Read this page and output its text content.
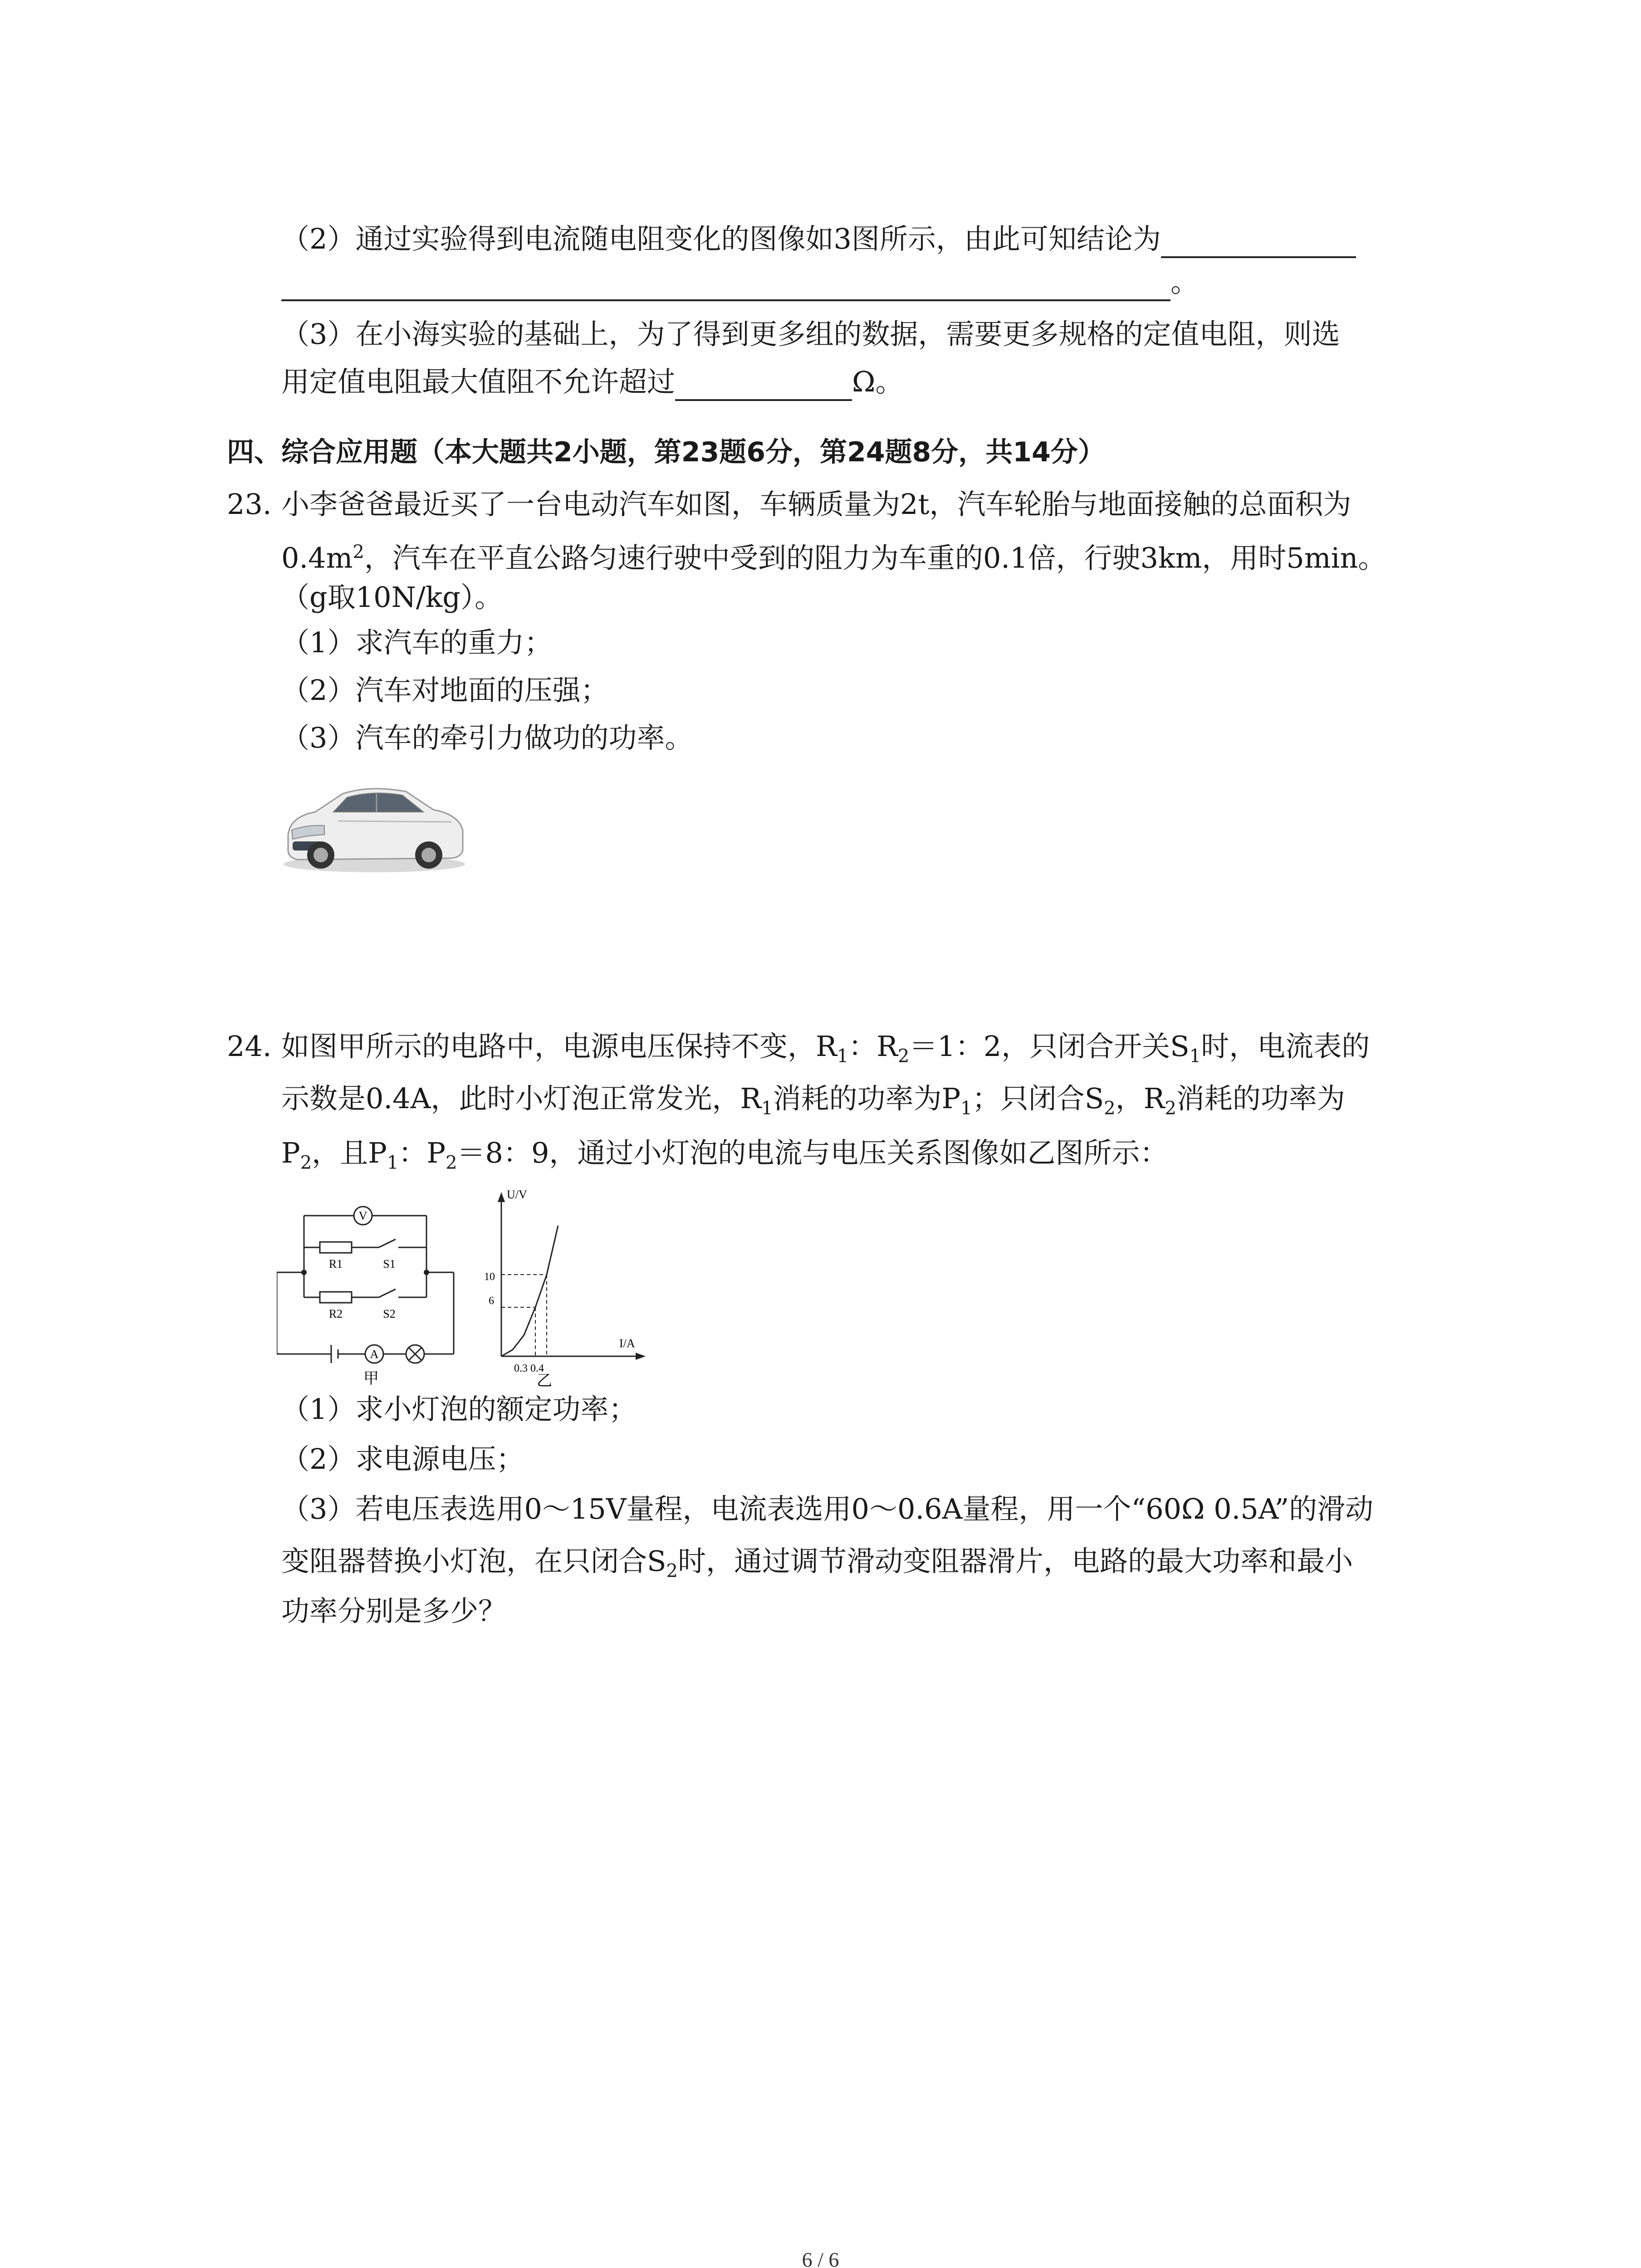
（2）通过实验得到电流随电阻变化的图像如3图所示，由此可知结论为
。
（3）在小海实验的基础上，为了得到更多组的数据，需要更多规格的定值电阻，则选
用定值电阻最大值阻不允许超过	Ω。
四、综合应用题（本大题共2小题，第23题6分，第24题8分，共14分）
23. 小李爸爸最近买了一台电动汽车如图，车辆质量为2t，汽车轮胎与地面接触的总面积为
$0.4m^2$，汽车在平直公路匀速行驶中受到的阻力为车重的0.1倍，行驶3km，用时5min。
（g取10N/kg）。
（1）求汽车的重力；
（2）汽车对地面的压强；
（3）汽车的牵引力做功的功率。
24. 如图甲所示的电路中，电源电压保持不变，$R_1$：$R_2=1$：2，只闭合开关$S_1$时，电流表的
示数是0.4A，此时小灯泡正常发光，$R_1$消耗的功率为$P_1$；只闭合$S_2$，$R_2$消耗的功率为
$P_2$，且$P_1$：$P_2=8$：9，通过小灯泡的电流与电压关系图像如乙图所示：
V
A
R1
R2
S1
S2
甲
U/V
I/A
10
6
0.3 0.4
乙
（1）求小灯泡的额定功率；
（2）求电源电压；
（3）若电压表选用0～15V量程，电流表选用0～0.6A量程，用一个“60Ω 0.5A”的滑动
变阻器替换小灯泡，在只闭合$S_2$时，通过调节滑动变阻器滑片，电路的最大功率和最小
功率分别是多少？
6 / 6
